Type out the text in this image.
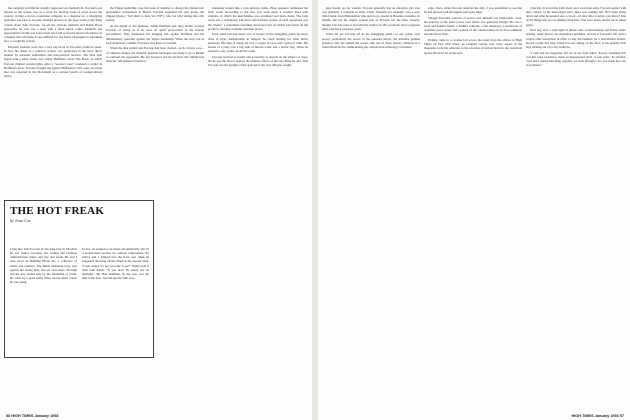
the company told him he strongly suspected was mentally ill. Forcade's real interest in the groups was as a cover for moving loads of weed across the country. (Using a movie production company as a disguise for a smuggling operation was later to become standard practice in the dope world.) One thing certain about Tom Forcade: for all his obvious idealism and Robin Hood generosity, he was was a man with a fixed moral center. Idealism and opportunism ran like wet colors back and forth across his bizarre life history in a manner that will make it very difficult for any future biographer to determine how to weigh his actions.

Personal passions were also a very big factor in Forcade's political career. In fact, his debut as a political activist was predicated in the most direct manner by personal animosities and non-political motives. The final spin began with a bitter battle over Abbie Hoffman's Steal This Book, in which Forcade claimed certain rights. After a "people's court" rendered a verdict in Hoffman's favor, Forcade brought suit against Hoffman in civil court, an action that was regarded in the Movement as a serious breach of countercultural ethics.

the Yippie leadership over the issue of whether to disrupt the Democratic presidential conventions in Miami. Forcade organized his own group, the Zippies (motto: "Tell them to fuck 'em YIP"), who ran wild during this silly season.

At the height of the madness, Abbie Hoffman and Jerry Rubin accused Forcade of acting as if he were an agent provocateur of the federal government. They insinuated his bringing suit against Hoffman and his inflammatory speeches against the Yippie leadership. When the story ran in Jack Anderson's column, Forcade's fury knew no bounds.

When the dust settled and Forcade had been cleared—as he always was—of criminal charges, the dramatic guerrilla ideologue was ready to go to Miami to confront his opponents. He felt betrayed and he declared that Miami had been the "Movement's Waterloo."

smokeasy looked like a rock artwork studio. Huge speakers dominated the front room; proceeding to the rear, you went down a corridor lined with cubicles, in which the merchandise was examined and deals made. The back room was a warehouse. The most characteristic feature of such operations was the "menu," a sometimes fancifully decorated card on which were listed all the products currently available and their prices.

Even when Forcade made a lot of money in the smuggling game, he never lived in style. Anhedonistic in tem-per, he cared nothing for other men's pleasures. His idea of doing out was a couple of tacos and a glass of milk. His notion of a party was a big tank of nitrous oxide and a plastic bag. When he needed to stay awake, he hit the crank.

Forcade lectured as loudly and as heavily as anyone on the subject of dope, but he was the first to deplore the ultimate effects of the very thing he sold. Tom Forcade was the prophet of the open grief, the very thing he sought.

THE HOT FREAK

by Jesse Coe

I first met Tom Forcade in San Luis City in '68 when he was Junior Goodson, the writing and business administration major and fire and freak. He and I once lived on Building Block Art, a collective of artists and painters. The Black Mountain boys rose against the racing men, and we were there, the high and the low, bound only by the friendship of youth. He came by a great many times and he knew where he was going.
In fact, he seemed to be made uncomfortably shy by it around most women. So, without compromise, my advice and I jumped into the front seat when he suggested throwing off the wheel as his custom truck. "Look, honey it's not you take it out!" Kathy took it with both hands. "If you don't I'll surely not do anything." Mr. Ben Dorfman, by the way, was the man at the door. Just tell me the truth once.
56 HIGH TIMES January 1993

pipe dream. As for women, Forcade generally had an attractive girl who was primarily a comrade in arms. Cindy Ornstein, for example, was a sexy little blonde from Philadelphia who used to go around in Bloomie costumes. In Miami, she led the Zippie women just as Forcade led the men. Usually, though, Forcade went to bed with his clothes on. His wardrobe ran to polyester shirts and black polyester pants.

What did get Forcade off in the smuggling game—or any game—was power, particularly the power of the outsized mover, the invisible godlike presence who sits behind the scenes, like one of those master criminals in a James Bond movie, manipulating the complicated technology of modern

edge. Once, when Forcade removed his shirt, I was astonished to see that he had pierced both his nipples with gold rings.

Though Forcade's exercise of power over himself was implacable, cruel, his exercise of the same power over others was generally benign. He was a loyal and helpful friend, a faithful comrade, a fair employer, a benefactor of countless good causes and a patron of the counterculture in its most authentic and advanced form.

Picking camp in a cavalier loft across the street from the offices of High Times on East 23th Street, he resumed control over every aspect of the magazine, from the editorials to the selection of foldout buds for the centerfold layout. He did it all on the spot.

cynically, is forced the truth about one's own prob-lems. Forcade replied with utter candor: in his hard-edged style, there was nothing left. He'd been going down and what he needed was a crowd—it's this time or never, you know? One of the things that we are talking about here. You were never, and he never asked again.

Next day, after a wild night of phone calls, crash meetings and frantic skull-beating, Andy Kowal, the magazine's publisher, arrived at Forcade's loft with a couple other executives in effort to buy the business for a half-million dollars. Kowal recalls that they found Forcade sitting on the floor at his spindly little legs sticking out of a ratty bathrobe.

"I can't sell the magazine, I'm not in my right mind," Kowal, assuming this was just sales resistance, made an impassioned pitch. "Look, man," he pleaded, "you and I started this thing together, we went through a lot, you made me a lot of promises."

HIGH TIMES January 1993 57
